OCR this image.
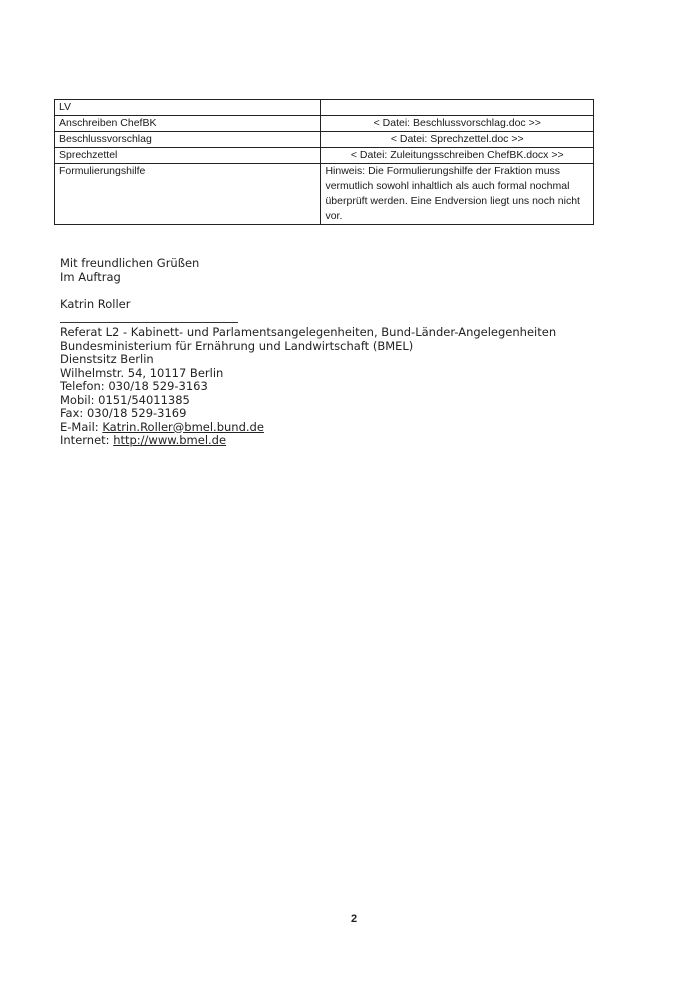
LV	
Anschreiben ChefBK	< Datei: Beschlussvorschlag.doc >>
Beschlussvorschlag	< Datei: Sprechzettel.doc >>
Sprechzettel	< Datei: Zuleitungsschreiben ChefBK.docx >>
Formulierungshilfe	Hinweis: Die Formulierungshilfe der Fraktion muss vermutlich sowohl inhaltlich als auch formal nochmal überprüft werden. Eine Endversion liegt uns noch nicht vor.
Mit freundlichen Grüßen
Im Auftrag
Katrin Roller
Referat L2 - Kabinett- und Parlamentsangelegenheiten, Bund-Länder-Angelegenheiten
Bundesministerium für Ernährung und Landwirtschaft (BMEL)
Dienstsitz Berlin
Wilhelmstr. 54, 10117 Berlin
Telefon: 030/18 529-3163
Mobil: 0151/54011385
Fax: 030/18 529-3169
E-Mail: Katrin.Roller@bmel.bund.de
Internet: http://www.bmel.de
2
